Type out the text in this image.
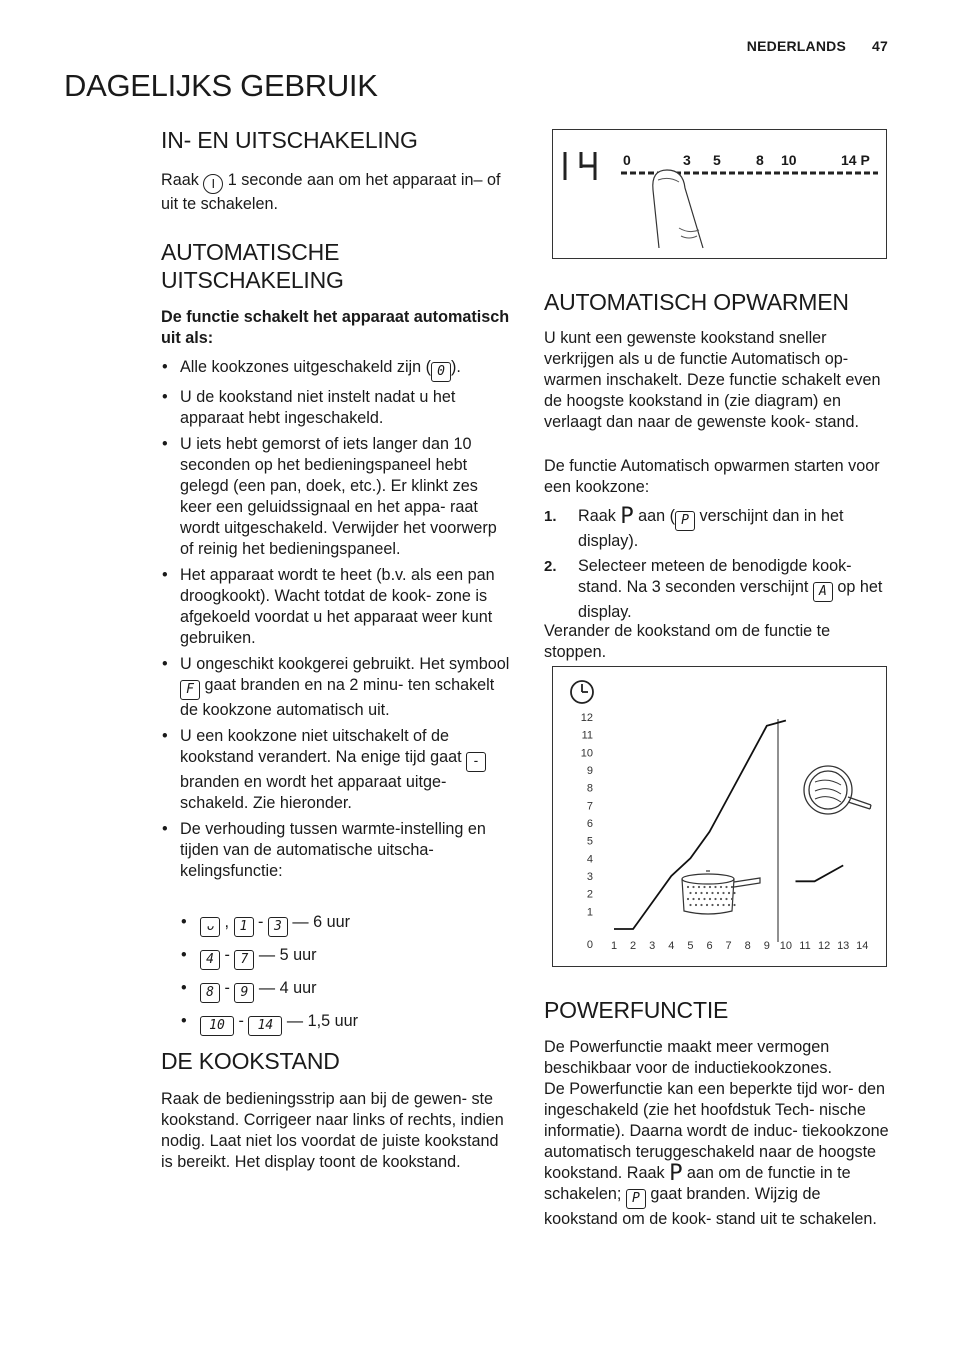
NEDERLANDS 47
DAGELIJKS GEBRUIK
IN- EN UITSCHAKELING

Raak I 1 seconde aan om het apparaat in– of uit te schakelen.

AUTOMATISCHE
UITSCHAKELING

De functie schakelt het apparaat automatisch uit als:

• Alle kookzones uitgeschakeld zijn ( 0 ).
• U de kookstand niet instelt nadat u het apparaat hebt ingeschakeld.
• U iets hebt gemorst of iets langer dan 10 seconden op het bedieningspaneel hebt gelegd (een pan, doek, etc.). Er klinkt zes keer een geluidssignaal en het appa- raat wordt uitgeschakeld. Verwijder het voorwerp of reinig het bedieningspaneel.
• Het apparaat wordt te heet (b.v. als een pan droogkookt). Wacht totdat de kook- zone is afgekoeld voordat u het apparaat weer kunt gebruiken.
• U ongeschikt kookgerei gebruikt. Het symbool F gaat branden en na 2 minu- ten schakelt de kookzone automatisch uit.
• U een kookzone niet uitschakelt of de kookstand verandert. Na enige tijd gaat - branden en wordt het apparaat uitge- schakeld. Zie hieronder.
• De verhouding tussen warmte-instelling en tijden van de automatische uitscha- kelingsfunctie:
• ᴗ , 1 - 3 — 6 uur
• 4 - 7 — 5 uur
• 8 - 9 — 4 uur
• 10 - 14 — 1,5 uur
DE KOOKSTAND

Raak de bedieningsstrip aan bij de gewen- ste kookstand. Corrigeer naar links of rechts, indien nodig. Laat niet los voordat de juiste kookstand is bereikt. Het display toont de kookstand.

0	3 5	8 10	14 P
AUTOMATISCH OPWARMEN

U kunt een gewenste kookstand sneller verkrijgen als u de functie Automatisch op- warmen inschakelt. Deze functie schakelt even de hoogste kookstand in (zie diagram) en verlaagt dan naar de gewenste kook- stand.

De functie Automatisch opwarmen starten voor een kookzone:

1. Raak P aan ( P verschijnt dan in het display).
2. Selecteer meteen de benodigde kook- stand. Na 3 seconden verschijnt A op het display.

Verander de kookstand om de functie te stoppen.

0
1
2
3
4
5
6
7
8
9
10
11
12
1 2 3 4 5 6 7 8 9 10 11 12 13 14
POWERFUNCTIE

De Powerfunctie maakt meer vermogen beschikbaar voor de inductiekookzones.

De Powerfunctie kan een beperkte tijd wor- den ingeschakeld (zie het hoofdstuk Tech- nische informatie). Daarna wordt de induc- tiekookzone automatisch teruggeschakeld naar de hoogste kookstand. Raak P aan om de functie in te schakelen; P gaat branden. Wijzig de kookstand om de kook- stand uit te schakelen.
